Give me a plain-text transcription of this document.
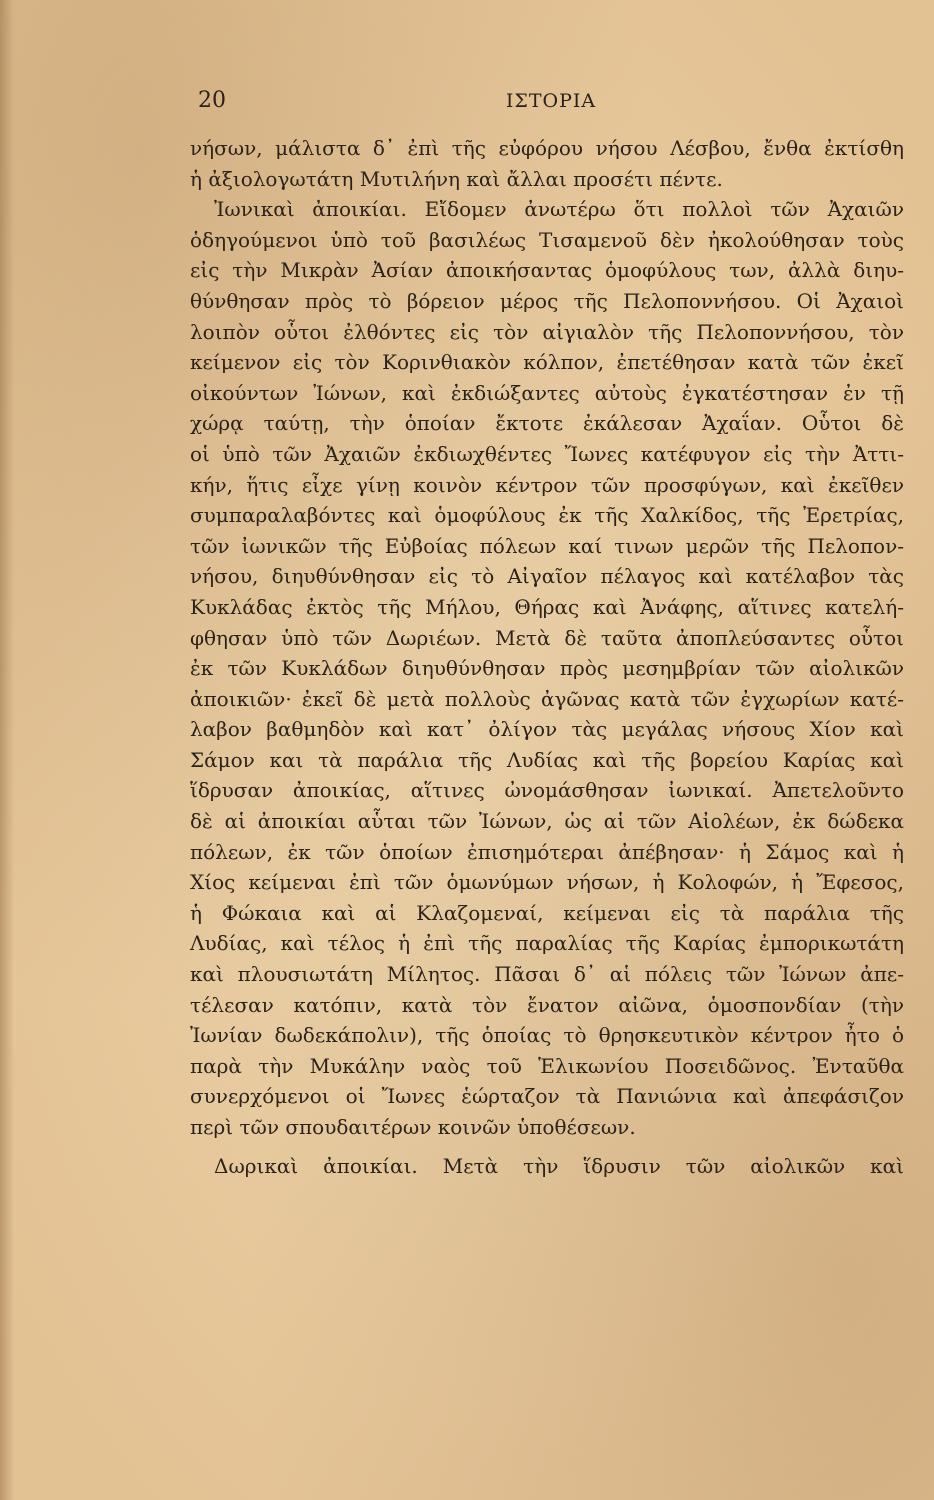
20	ΙΣΤΟΡΙΑ
νήσων, μάλιστα δ᾽ ἐπὶ τῆς εὐφόρου νήσου Λέσβου, ἔνθα ἐκτίσθη
ἡ ἀξιολογωτάτη Μυτιλήνη καὶ ἄλλαι προσέτι πέντε.
Ἰωνικαὶ ἀποικίαι. Εἴδομεν ἀνωτέρω ὅτι πολλοὶ τῶν Ἀχαιῶν
ὁδηγούμενοι ὑπὸ τοῦ βασιλέως Τισαμενοῦ δὲν ἠκολούθησαν τοὺς
εἰς τὴν Μικρὰν Ἀσίαν ἀποικήσαντας ὁμοφύλους των, ἀλλὰ διηυ-
θύνθησαν πρὸς τὸ βόρειον μέρος τῆς Πελοποννήσου. Οἱ Ἀχαιοὶ
λοιπὸν οὗτοι ἐλθόντες εἰς τὸν αἰγιαλὸν τῆς Πελοποννήσου, τὸν
κείμενον εἰς τὸν Κορινθιακὸν κόλπον, ἐπετέθησαν κατὰ τῶν ἐκεῖ
οἰκούντων Ἰώνων, καὶ ἐκδιώξαντες αὐτοὺς ἐγκατέστησαν ἐν τῇ
χώρᾳ ταύτῃ, τὴν ὁποίαν ἔκτοτε ἐκάλεσαν Ἀχαΐαν. Οὗτοι δὲ
οἱ ὑπὸ τῶν Ἀχαιῶν ἐκδιωχθέντες Ἴωνες κατέφυγον εἰς τὴν Ἀττι-
κήν, ἥτις εἶχε γίνῃ κοινὸν κέντρον τῶν προσφύγων, καὶ ἐκεῖθεν
συμπαραλαβόντες καὶ ὁμοφύλους ἐκ τῆς Χαλκίδος, τῆς Ἐρετρίας,
τῶν ἰωνικῶν τῆς Εὐβοίας πόλεων καί τινων μερῶν τῆς Πελοπον-
νήσου, διηυθύνθησαν εἰς τὸ Αἰγαῖον πέλαγος καὶ κατέλαβον τὰς
Κυκλάδας ἐκτὸς τῆς Μήλου, Θήρας καὶ Ἀνάφης, αἵτινες κατελή-
φθησαν ὑπὸ τῶν Δωριέων. Μετὰ δὲ ταῦτα ἀποπλεύσαντες οὗτοι
ἐκ τῶν Κυκλάδων διηυθύνθησαν πρὸς μεσημβρίαν τῶν αἰολικῶν
ἀποικιῶν· ἐκεῖ δὲ μετὰ πολλοὺς ἀγῶνας κατὰ τῶν ἐγχωρίων κατέ-
λαβον βαθμηδὸν καὶ κατ᾽ ὀλίγον τὰς μεγάλας νήσους Χίον καὶ
Σάμον και τὰ παράλια τῆς Λυδίας καὶ τῆς βορείου Καρίας καὶ
ἵδρυσαν ἀποικίας, αἵτινες ὠνομάσθησαν ἰωνικαί. Ἀπετελοῦντο
δὲ αἱ ἀποικίαι αὗται τῶν Ἰώνων, ὡς αἱ τῶν Αἰολέων, ἐκ δώδεκα
πόλεων, ἐκ τῶν ὁποίων ἐπισημότεραι ἀπέβησαν· ἡ Σάμος καὶ ἡ
Χίος κείμεναι ἐπὶ τῶν ὁμωνύμων νήσων, ἡ Κολοφών, ἡ Ἔφεσος,
ἡ Φώκαια καὶ αἱ Κλαζομεναί, κείμεναι εἰς τὰ παράλια τῆς
Λυδίας, καὶ τέλος ἡ ἐπὶ τῆς παραλίας τῆς Καρίας ἐμπορικωτάτη
καὶ πλουσιωτάτη Μίλητος. Πᾶσαι δ᾽ αἱ πόλεις τῶν Ἰώνων ἀπε-
τέλεσαν κατόπιν, κατὰ τὸν ἔνατον αἰῶνα, ὁμοσπονδίαν (τὴν
Ἰωνίαν δωδεκάπολιν), τῆς ὁποίας τὸ θρησκευτικὸν κέντρον ἦτο ὁ
παρὰ τὴν Μυκάλην ναὸς τοῦ Ἑλικωνίου Ποσειδῶνος. Ἐνταῦθα
συνερχόμενοι οἱ Ἴωνες ἑώρταζον τὰ Πανιώνια καὶ ἀπεφάσιζον
περὶ τῶν σπουδαιτέρων κοινῶν ὑποθέσεων.
Δωρικαὶ ἀποικίαι. Μετὰ τὴν ἵδρυσιν τῶν αἰολικῶν καὶ
